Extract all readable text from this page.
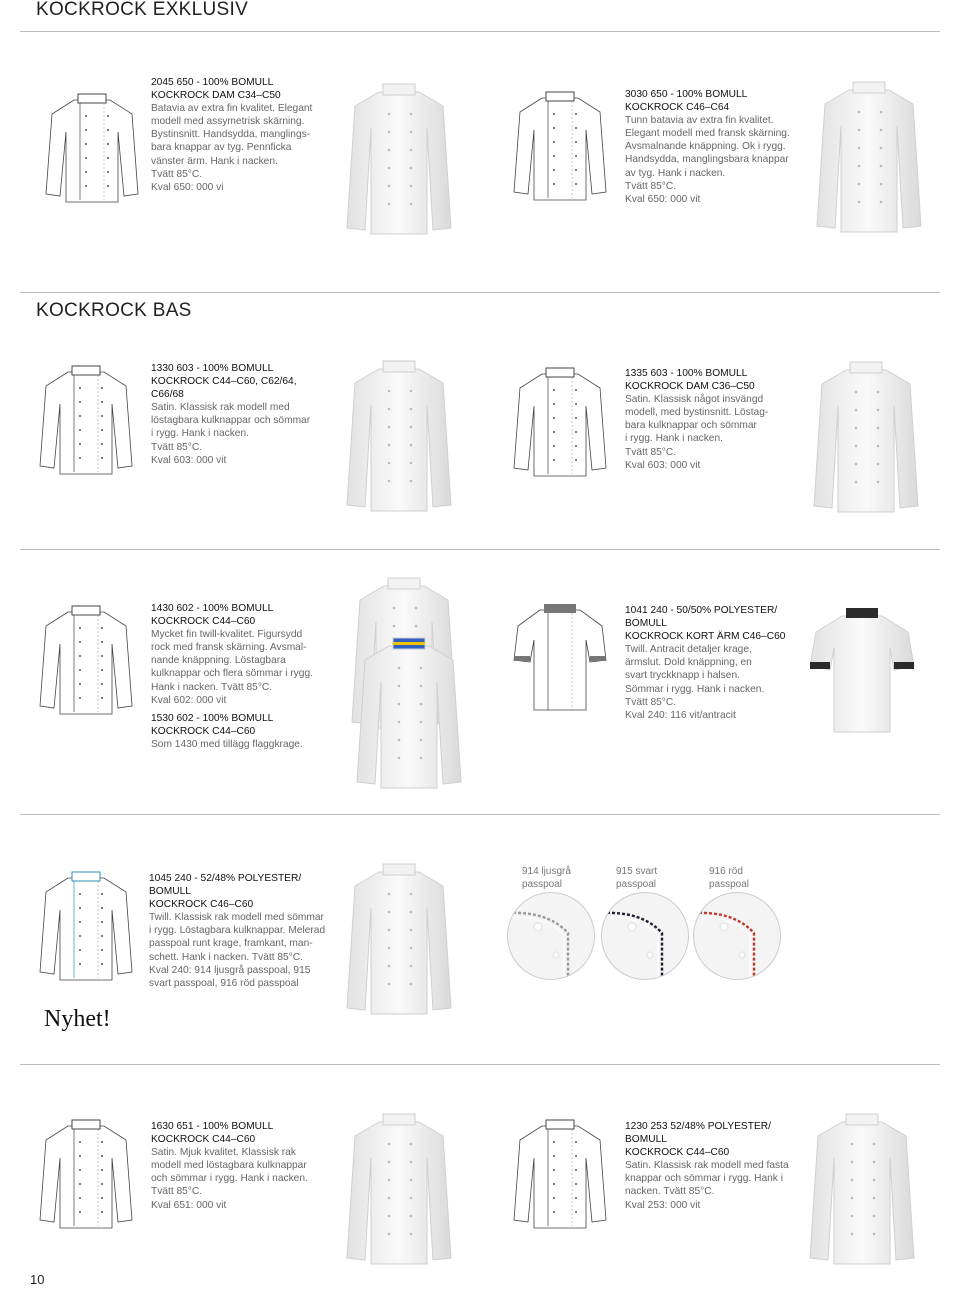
KOCKROCK EXKLUSIV
KOCKROCK BAS
2045 650 - 100% BOMULL
KOCKROCK DAM C34–C50
Batavia av extra fin kvalitet. Elegant
modell med assymetrisk skärning.
Bystinsnitt. Handsydda, manglings-
bara knappar av tyg. Pennficka
vänster ärm. Hank i nacken.
Tvätt 85°C.
Kval 650: 000 vi
3030 650 - 100% BOMULL
KOCKROCK C46–C64
Tunn batavia av extra fin kvalitet.
Elegant modell med fransk skärning.
Avsmalnande knäppning. Ok i rygg.
Handsydda, manglingsbara knappar
av tyg. Hank i nacken.
Tvätt 85°C.
Kval 650: 000 vit
1330 603 - 100% BOMULL
KOCKROCK C44–C60, C62/64,
C66/68
Satin. Klassisk rak modell med
löstagbara kulknappar och sömmar
i rygg. Hank i nacken.
Tvätt 85°C.
Kval 603: 000 vit
1335 603 - 100% BOMULL
KOCKROCK DAM C36–C50
Satin. Klassisk något insvängd
modell, med bystinsnitt. Löstag-
bara kulknappar och sömmar
i rygg. Hank i nacken.
Tvätt 85°C.
Kval 603: 000 vit
1430 602 - 100% BOMULL
KOCKROCK C44–C60
Mycket fin twill-kvalitet. Figursydd
rock med fransk skärning. Avsmal-
nande knäppning. Löstagbara
kulknappar och flera sömmar i rygg.
Hank i nacken. Tvätt 85°C.
Kval 602: 000 vit
1530 602 - 100% BOMULL
KOCKROCK C44–C60
Som 1430 med tillägg flaggkrage.
1041 240 - 50/50% POLYESTER/
BOMULL
KOCKROCK KORT ÄRM C46–C60
Twill. Antracit detaljer krage,
ärmslut. Dold knäppning, en
svart tryckknapp i halsen.
Sömmar i rygg. Hank i nacken.
Tvätt 85°C.
Kval 240: 116 vit/antracit
1045 240 - 52/48% POLYESTER/
BOMULL
KOCKROCK C46–C60
Twill. Klassisk rak modell med sömmar
i rygg. Löstagbara kulknappar. Melerad
passpoal runt krage, framkant, man-
schett. Hank i nacken. Tvätt 85°C.
Kval 240: 914 ljusgrå passpoal, 915
svart passpoal, 916 röd passpoal
1630 651 - 100% BOMULL
KOCKROCK C44–C60
Satin. Mjuk kvalitet. Klassisk rak
modell med löstagbara kulknappar
och sömmar i rygg. Hank i nacken.
Tvätt 85°C.
Kval 651: 000 vit
1230 253 52/48% POLYESTER/
BOMULL
KOCKROCK C44–C60
Satin. Klassisk rak modell med fasta
knappar och sömmar i rygg. Hank i
nacken. Tvätt 85°C.
Kval 253: 000 vit
Nyhet!
914 ljusgrå
passpoal
915 svart
passpoal
916 röd
passpoal
10
